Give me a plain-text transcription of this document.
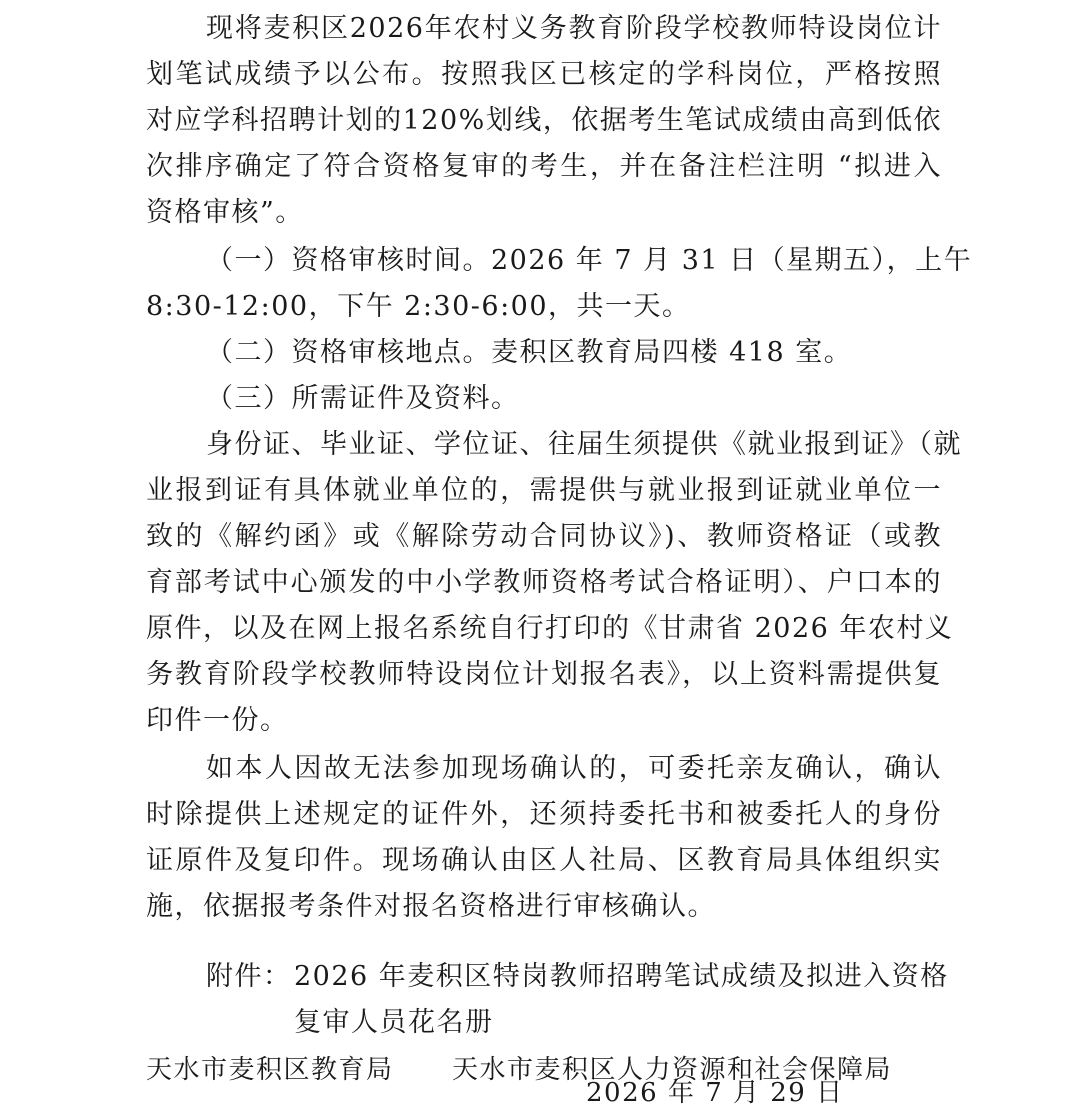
现将麦积区2026年农村义务教育阶段学校教师特设岗位计
划笔试成绩予以公布。按照我区已核定的学科岗位，严格按照
对应学科招聘计划的120%划线，依据考生笔试成绩由高到低依
次排序确定了符合资格复审的考生，并在备注栏注明 “拟进入
资格审核”。
（一）资格审核时间。2026 年 7 月 31 日（星期五），上午
8:30-12:00，下午 2:30-6:00，共一天。
（二）资格审核地点。麦积区教育局四楼 418 室。
（三）所需证件及资料。
身份证、毕业证、学位证、往届生须提供《就业报到证》（就
业报到证有具体就业单位的，需提供与就业报到证就业单位一
致的《解约函》或《解除劳动合同协议》)、教师资格证（或教
育部考试中心颁发的中小学教师资格考试合格证明）、户口本的
原件，以及在网上报名系统自行打印的《甘肃省 2026 年农村义
务教育阶段学校教师特设岗位计划报名表》，以上资料需提供复
印件一份。
如本人因故无法参加现场确认的，可委托亲友确认，确认
时除提供上述规定的证件外，还须持委托书和被委托人的身份
证原件及复印件。现场确认由区人社局、区教育局具体组织实
施，依据报考条件对报名资格进行审核确认。
附件： 2026 年麦积区特岗教师招聘笔试成绩及拟进入资格
复审人员花名册
天水市麦积区教育局 天水市麦积区人力资源和社会保障局
2026 年 7 月 29 日
